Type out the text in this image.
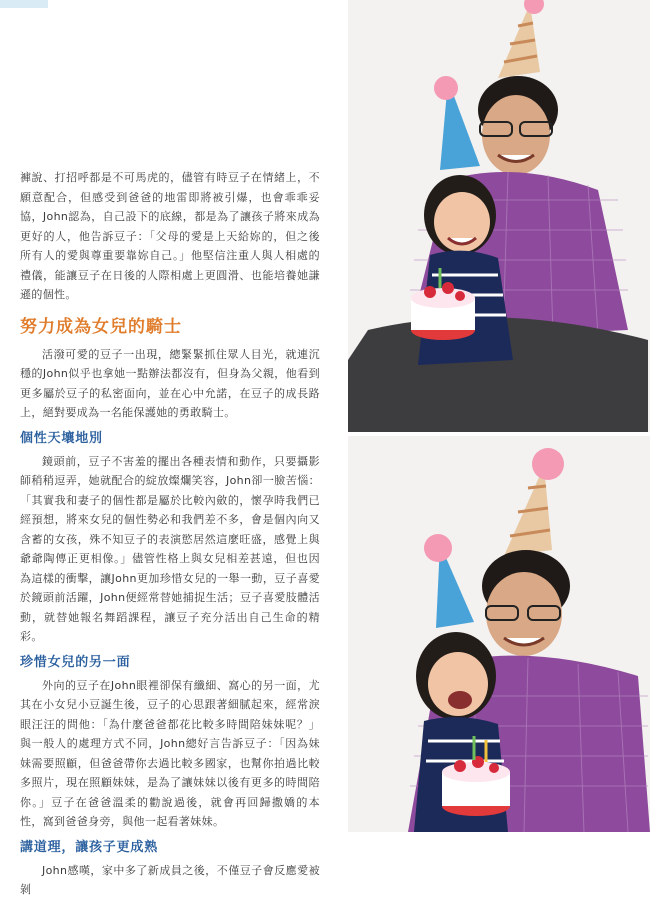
褲說、打招呼都是不可馬虎的，儘管有時豆子在情緒上，不願意配合，但感受到爸爸的地雷即將被引爆，也會乖乖妥協，John認為，自己設下的底線，都是為了讓孩子將來成為更好的人，他告訴豆子：「父母的愛是上天給妳的，但之後所有人的愛與尊重要靠妳自己。」他堅信注重人與人相處的禮儀，能讓豆子在日後的人際相處上更圓滑、也能培養她謙遜的個性。

努力成為女兒的騎士

活潑可愛的豆子一出現，總緊緊抓住眾人目光，就連沉穩的John似乎也拿她一點辦法都沒有，但身為父親，他看到更多屬於豆子的私密面向，並在心中允諾，在豆子的成長路上，絕對要成為一名能保護她的勇敢騎士。

個性天壤地別

鏡頭前，豆子不害羞的擺出各種表情和動作，只要攝影師稍稍逗弄，她就配合的綻放燦爛笑容，John卻一臉苦惱：「其實我和妻子的個性都是屬於比較內斂的，懷孕時我們已經預想，將來女兒的個性勢必和我們差不多，會是個內向又含蓄的女孩，殊不知豆子的表演慾居然這麼旺盛，感覺上與爺爺陶傳正更相像。」儘管性格上與女兒相差甚遠，但也因為這樣的衝擊，讓John更加珍惜女兒的一舉一動，豆子喜愛於鏡頭前活躍，John便經常替她捕捉生活；豆子喜愛肢體活動，就替她報名舞蹈課程，讓豆子充分活出自己生命的精彩。

珍惜女兒的另一面

外向的豆子在John眼裡卻保有纖細、窩心的另一面，尤其在小女兒小豆誕生後，豆子的心思跟著細膩起來，經常淚眼汪汪的問他：「為什麼爸爸都花比較多時間陪妹妹呢？」與一般人的處理方式不同，John總好言告訴豆子：「因為妹妹需要照顧，但爸爸帶你去過比較多國家，也幫你拍過比較多照片，現在照顧妹妹，是為了讓妹妹以後有更多的時間陪你。」豆子在爸爸溫柔的勸說過後，就會再回歸撒嬌的本性，窩到爸爸身旁，與他一起看著妹妹。

講道理，讓孩子更成熟

John感嘆，家中多了新成員之後，不僅豆子會反應愛被剝
